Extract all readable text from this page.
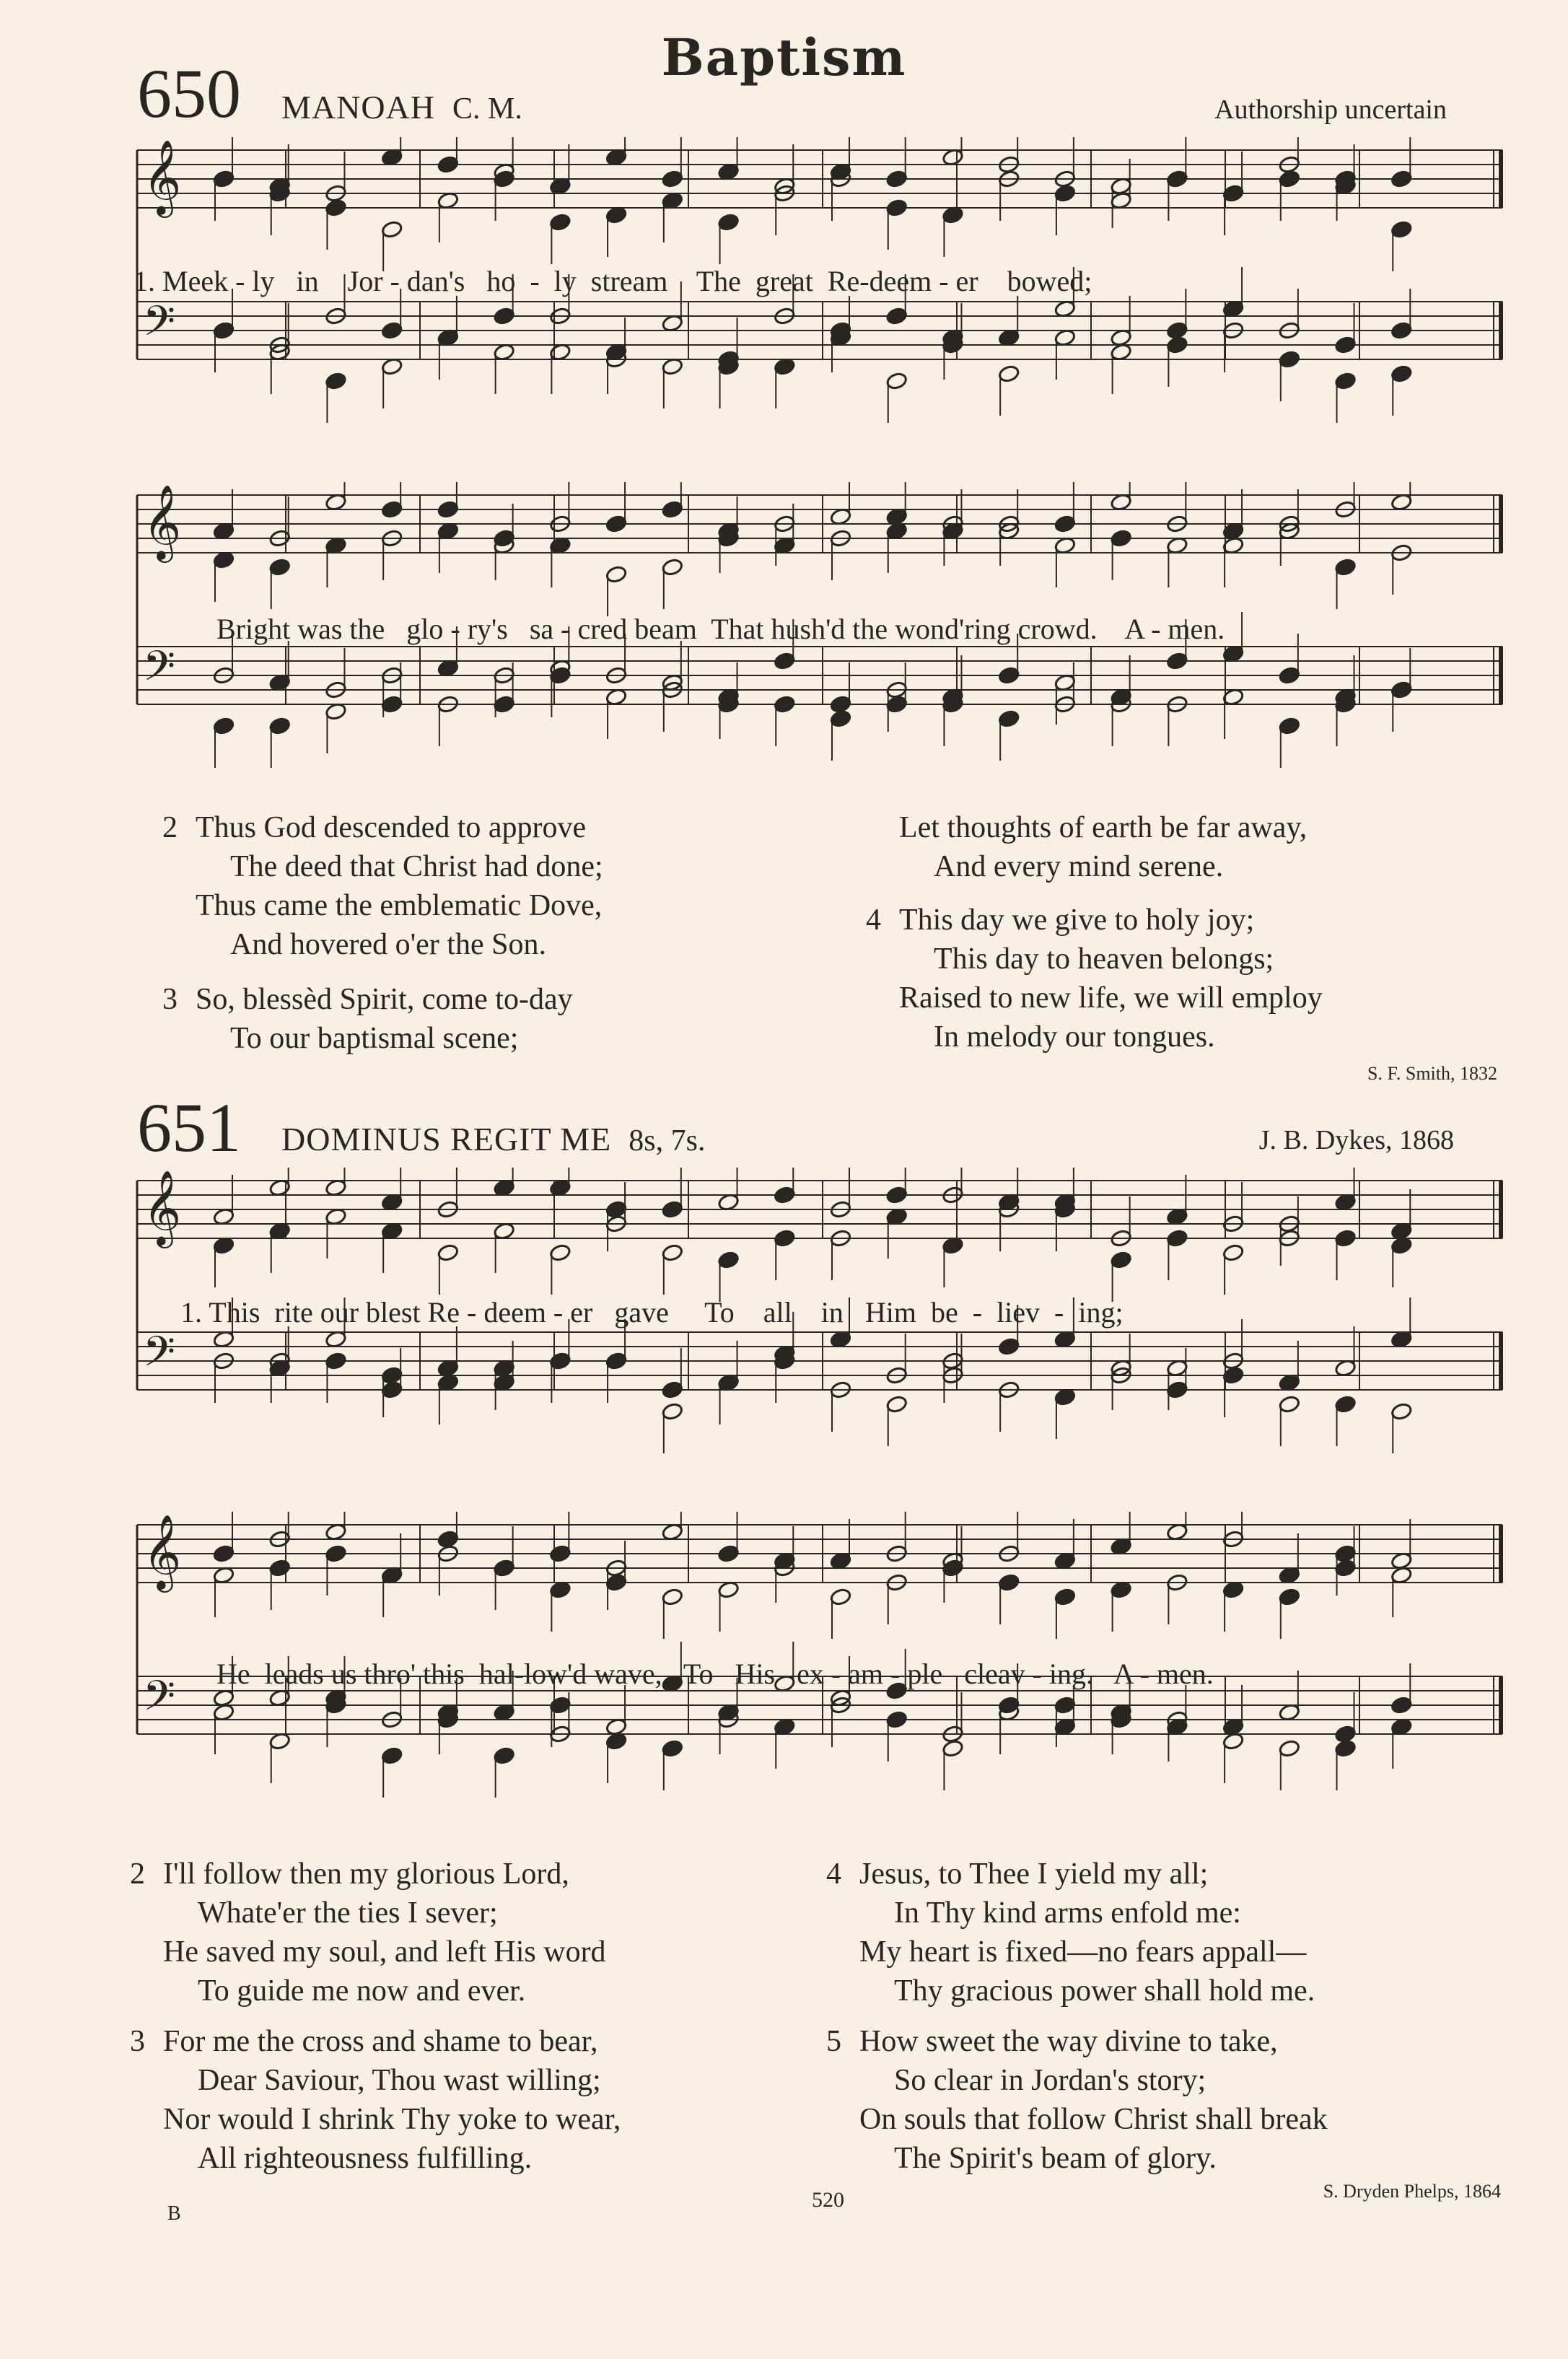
Baptism
650 MANOAH C. M.	Authorship uncertain
𝄞
𝄢
1. Meek - ly   in    Jor - dan's   ho  -  ly  stream    The  great  Re-deem - er    bowed;
𝄞
𝄢
Bright was the   glo - ry's   sa - cred beam  That hush'd the wond'ring crowd.    A - men.
2 Thus God descended to approve
The deed that Christ had done;
Thus came the emblematic Dove,
And hovered o'er the Son.
3 So, blessèd Spirit, come to-day
To our baptismal scene;
Let thoughts of earth be far away,
And every mind serene.
4 This day we give to holy joy;
This day to heaven belongs;
Raised to new life, we will employ
In melody our tongues.
S. F. Smith, 1832
651 DOMINUS REGIT ME 8s, 7s.	J. B. Dykes, 1868
𝄞
𝄢
1. This  rite our blest Re - deem - er   gave     To    all    in   Him  be  -  liev  -  ing;
𝄞
𝄢 He  leads us thro' this  hal-low'd wave,   To   His   ex - am - ple   cleav - ing.   A - men.
2 I'll follow then my glorious Lord,
Whate'er the ties I sever;
He saved my soul, and left His word
To guide me now and ever.
3 For me the cross and shame to bear,
Dear Saviour, Thou wast willing;
Nor would I shrink Thy yoke to wear,
All righteousness fulfilling.
4 Jesus, to Thee I yield my all;
In Thy kind arms enfold me:
My heart is fixed—no fears appall—
Thy gracious power shall hold me.
5 How sweet the way divine to take,
So clear in Jordan's story;
On souls that follow Christ shall break
The Spirit's beam of glory.
S. Dryden Phelps, 1864
B
520
